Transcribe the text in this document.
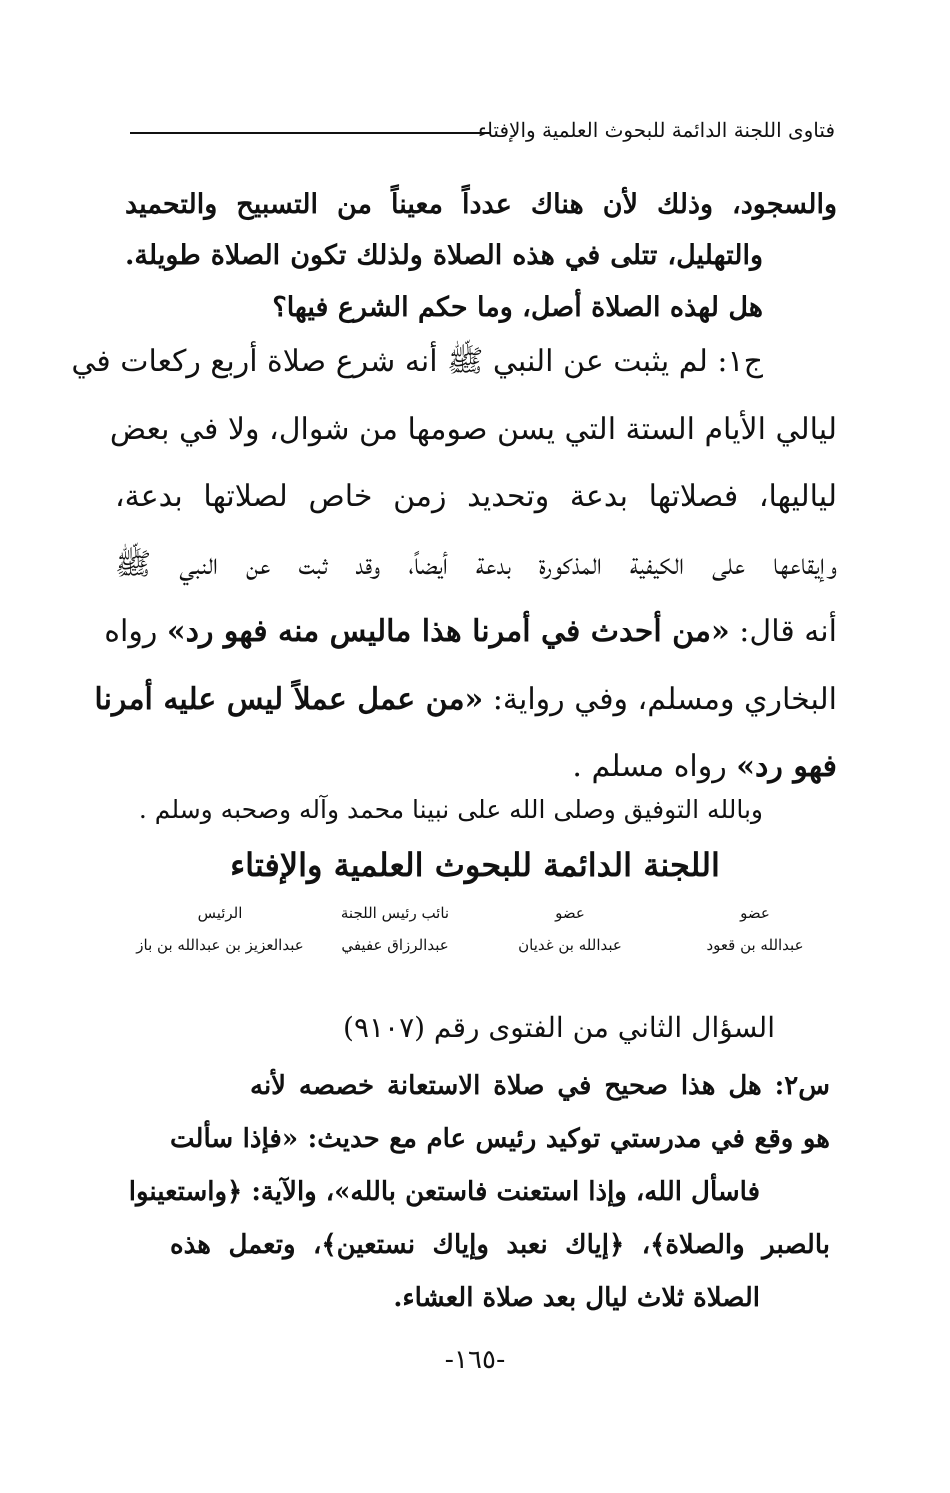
فتاوى اللجنة الدائمة للبحوث العلمية والإفتاء
والسجود، وذلك لأن هناك عدداً معيناً من التسبيح والتحميد
والتهليل، تتلى في هذه الصلاة ولذلك تكون الصلاة طويلة.
هل لهذه الصلاة أصل، وما حكم الشرع فيها؟
ج١: لم يثبت عن النبي ﷺ أنه شرع صلاة أربع ركعات في
ليالي الأيام الستة التي يسن صومها من شوال، ولا في بعض
لياليها، فصلاتها بدعة وتحديد زمن خاص لصلاتها بدعة،
وإيقاعها على الكيفية المذكورة بدعة أيضاً، وقد ثبت عن النبي ﷺ
أنه قال: «من أحدث في أمرنا هذا ماليس منه فهو رد» رواه
البخاري ومسلم، وفي رواية: «من عمل عملاً ليس عليه أمرنا
فهو رد» رواه مسلم .
وبالله التوفيق وصلى الله على نبينا محمد وآله وصحبه وسلم .
اللجنة الدائمة للبحوث العلمية والإفتاء
عضو
عبدالله بن قعود
عضو
عبدالله بن غديان
نائب رئيس اللجنة
عبدالرزاق عفيفي
الرئيس
عبدالعزيز بن عبدالله بن باز
السؤال الثاني من الفتوى رقم (٩١٠٧)
س٢: هل هذا صحيح في صلاة الاستعانة خصصه لأنه
هو وقع في مدرستي توكيد رئيس عام مع حديث: «فإذا سألت
فاسأل الله، وإذا استعنت فاستعن بالله»، والآية: ﴿واستعينوا
بالصبر والصلاة﴾، ﴿إياك نعبد وإياك نستعين﴾، وتعمل هذه
الصلاة ثلاث ليال بعد صلاة العشاء.
-١٦٥-
